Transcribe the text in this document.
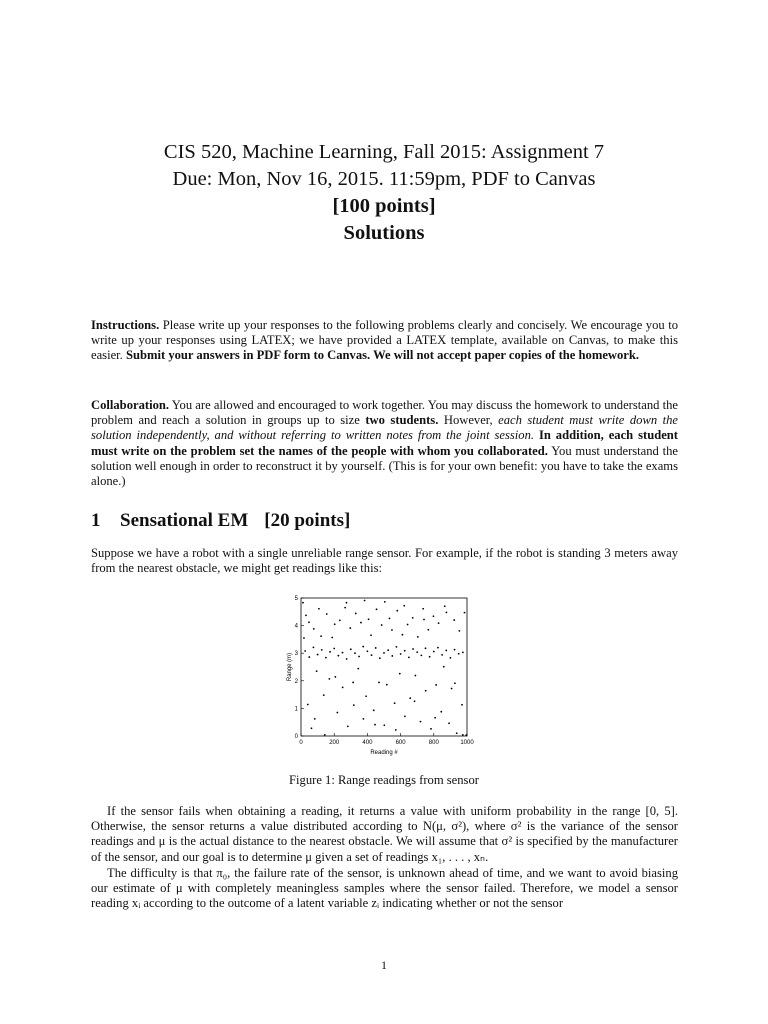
CIS 520, Machine Learning, Fall 2015: Assignment 7
Due: Mon, Nov 16, 2015. 11:59pm, PDF to Canvas
[100 points]
Solutions
Instructions. Please write up your responses to the following problems clearly and concisely. We encourage you to write up your responses using LATEX; we have provided a LATEX template, available on Canvas, to make this easier. Submit your answers in PDF form to Canvas. We will not accept paper copies of the homework.
Collaboration. You are allowed and encouraged to work together. You may discuss the homework to understand the problem and reach a solution in groups up to size two students. However, each student must write down the solution independently, and without referring to written notes from the joint session. In addition, each student must write on the problem set the names of the people with whom you collaborated. You must understand the solution well enough in order to reconstruct it by yourself. (This is for your own benefit: you have to take the exams alone.)
1 Sensational EM [20 points]
Suppose we have a robot with a single unreliable range sensor. For example, if the robot is standing 3 meters away from the nearest obstacle, we might get readings like this:
0	200	400	600	800	1000
0
1
2
3
4
5
Reading #
Range (m)
Figure 1: Range readings from sensor
If the sensor fails when obtaining a reading, it returns a value with uniform probability in the range [0, 5]. Otherwise, the sensor returns a value distributed according to N(μ, σ²), where σ² is the variance of the sensor readings and μ is the actual distance to the nearest obstacle. We will assume that σ² is specified by the manufacturer of the sensor, and our goal is to determine μ given a set of readings x₁, . . . , xₙ.
The difficulty is that π₀, the failure rate of the sensor, is unknown ahead of time, and we want to avoid biasing our estimate of μ with completely meaningless samples where the sensor failed. Therefore, we model a sensor reading xᵢ according to the outcome of a latent variable zᵢ indicating whether or not the sensor
1
